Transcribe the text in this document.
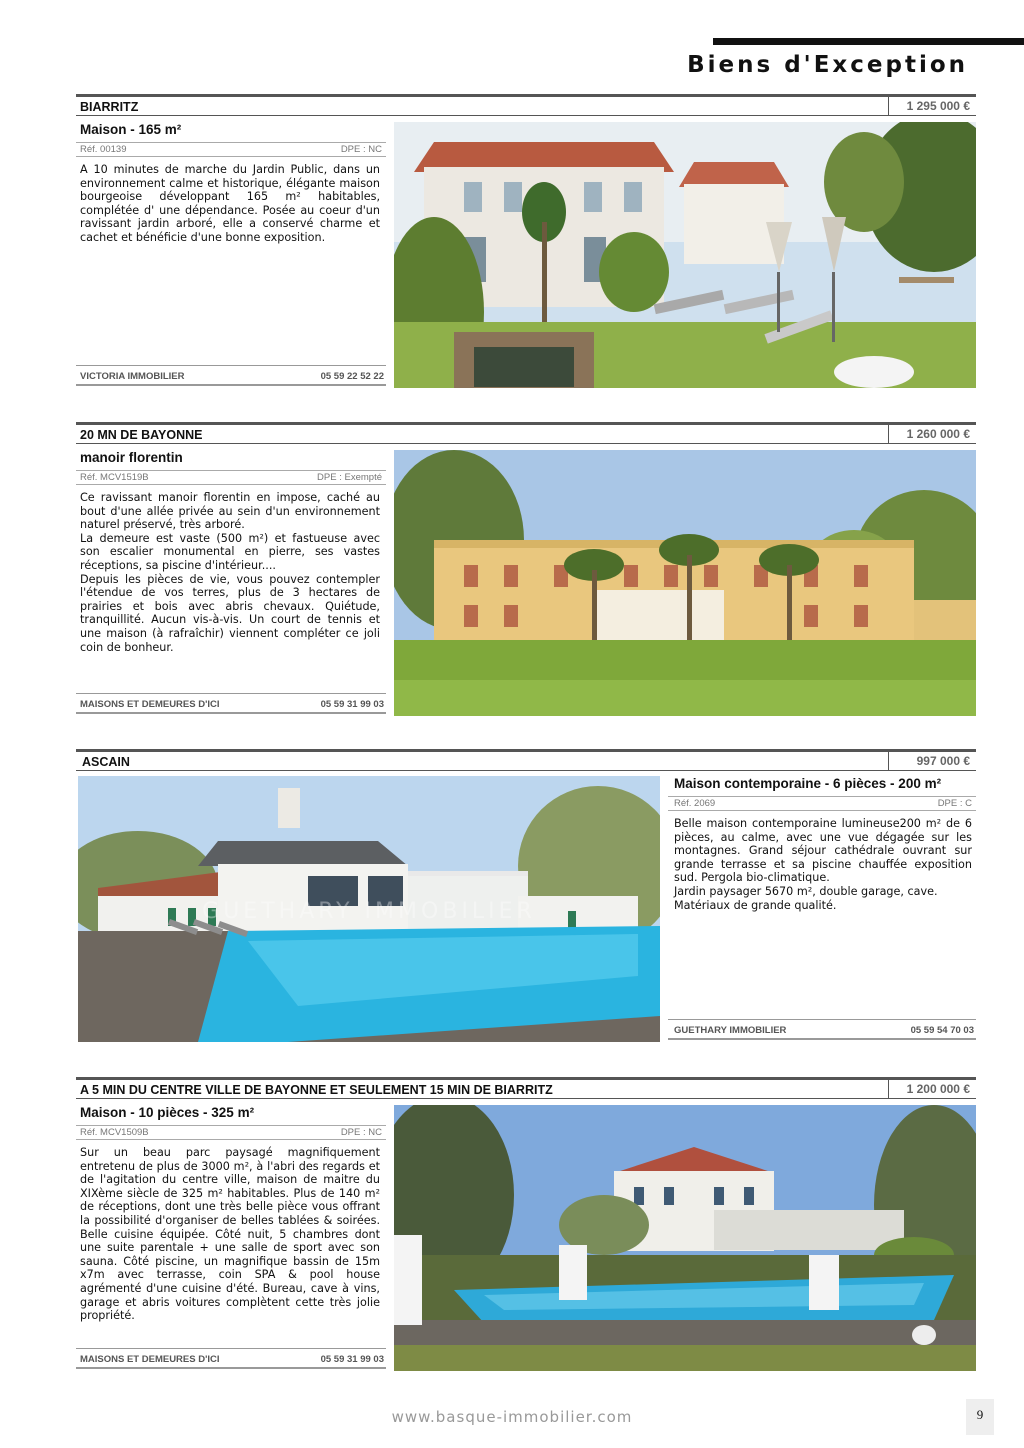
Biens d'Exception
BIARRITZ	1 295 000 €
Maison - 165 m²
Réf. 00139	DPE : NC
A 10 minutes de marche du Jardin Public, dans un environnement calme et historique, élégante maison bourgeoise développant 165 m² habitables, complétée d' une dépendance. Posée au coeur d'un ravissant jardin arboré, elle a conservé charme et cachet et bénéficie d'une bonne exposition.
VICTORIA IMMOBILIER	05 59 22 52 22
20 MN DE BAYONNE	1 260 000 €
manoir florentin
Réf. MCV1519B	DPE : Exempté
Ce ravissant manoir florentin en impose, caché au bout d'une allée privée au sein d'un environnement naturel préservé, très arboré.
La demeure est vaste (500 m²) et fastueuse avec son escalier monumental en pierre, ses vastes réceptions, sa piscine d'intérieur....
Depuis les pièces de vie, vous pouvez contempler l'étendue de vos terres, plus de 3 hectares de prairies et bois avec abris chevaux. Quiétude, tranquillité. Aucun vis-à-vis. Un court de tennis et une maison (à rafraîchir) viennent compléter ce joli coin de bonheur.
MAISONS ET DEMEURES D'ICI	05 59 31 99 03
ASCAIN	997 000 €
GUETHARY IMMOBILIER
Maison contemporaine - 6 pièces - 200 m²
Réf. 2069	DPE : C
Belle maison contemporaine lumineuse200 m² de 6 pièces, au calme, avec une vue dégagée sur les montagnes. Grand séjour cathédrale ouvrant sur grande terrasse et sa piscine chauffée exposition sud. Pergola bio-climatique.
Jardin paysager 5670 m², double garage, cave.
Matériaux de grande qualité.
GUETHARY IMMOBILIER	05 59 54 70 03
A 5 MIN DU CENTRE VILLE DE BAYONNE ET SEULEMENT 15 MIN DE BIARRITZ	1 200 000 €
Maison - 10 pièces - 325 m²
Réf. MCV1509B	DPE : NC
Sur un beau parc paysagé magnifiquement entretenu de plus de 3000 m², à l'abri des regards et de l'agitation du centre ville, maison de maitre du XIXème siècle de 325 m² habitables. Plus de 140 m² de réceptions, dont une très belle pièce vous offrant la possibilité d'organiser de belles tablées & soirées. Belle cuisine équipée. Côté nuit, 5 chambres dont une suite parentale + une salle de sport avec son sauna. Côté piscine, un magnifique bassin de 15m x7m avec terrasse, coin SPA & pool house agrémenté d'une cuisine d'été. Bureau, cave à vins, garage et abris voitures complètent cette très jolie propriété.
MAISONS ET DEMEURES D'ICI	05 59 31 99 03
www.basque-immobilier.com	9
